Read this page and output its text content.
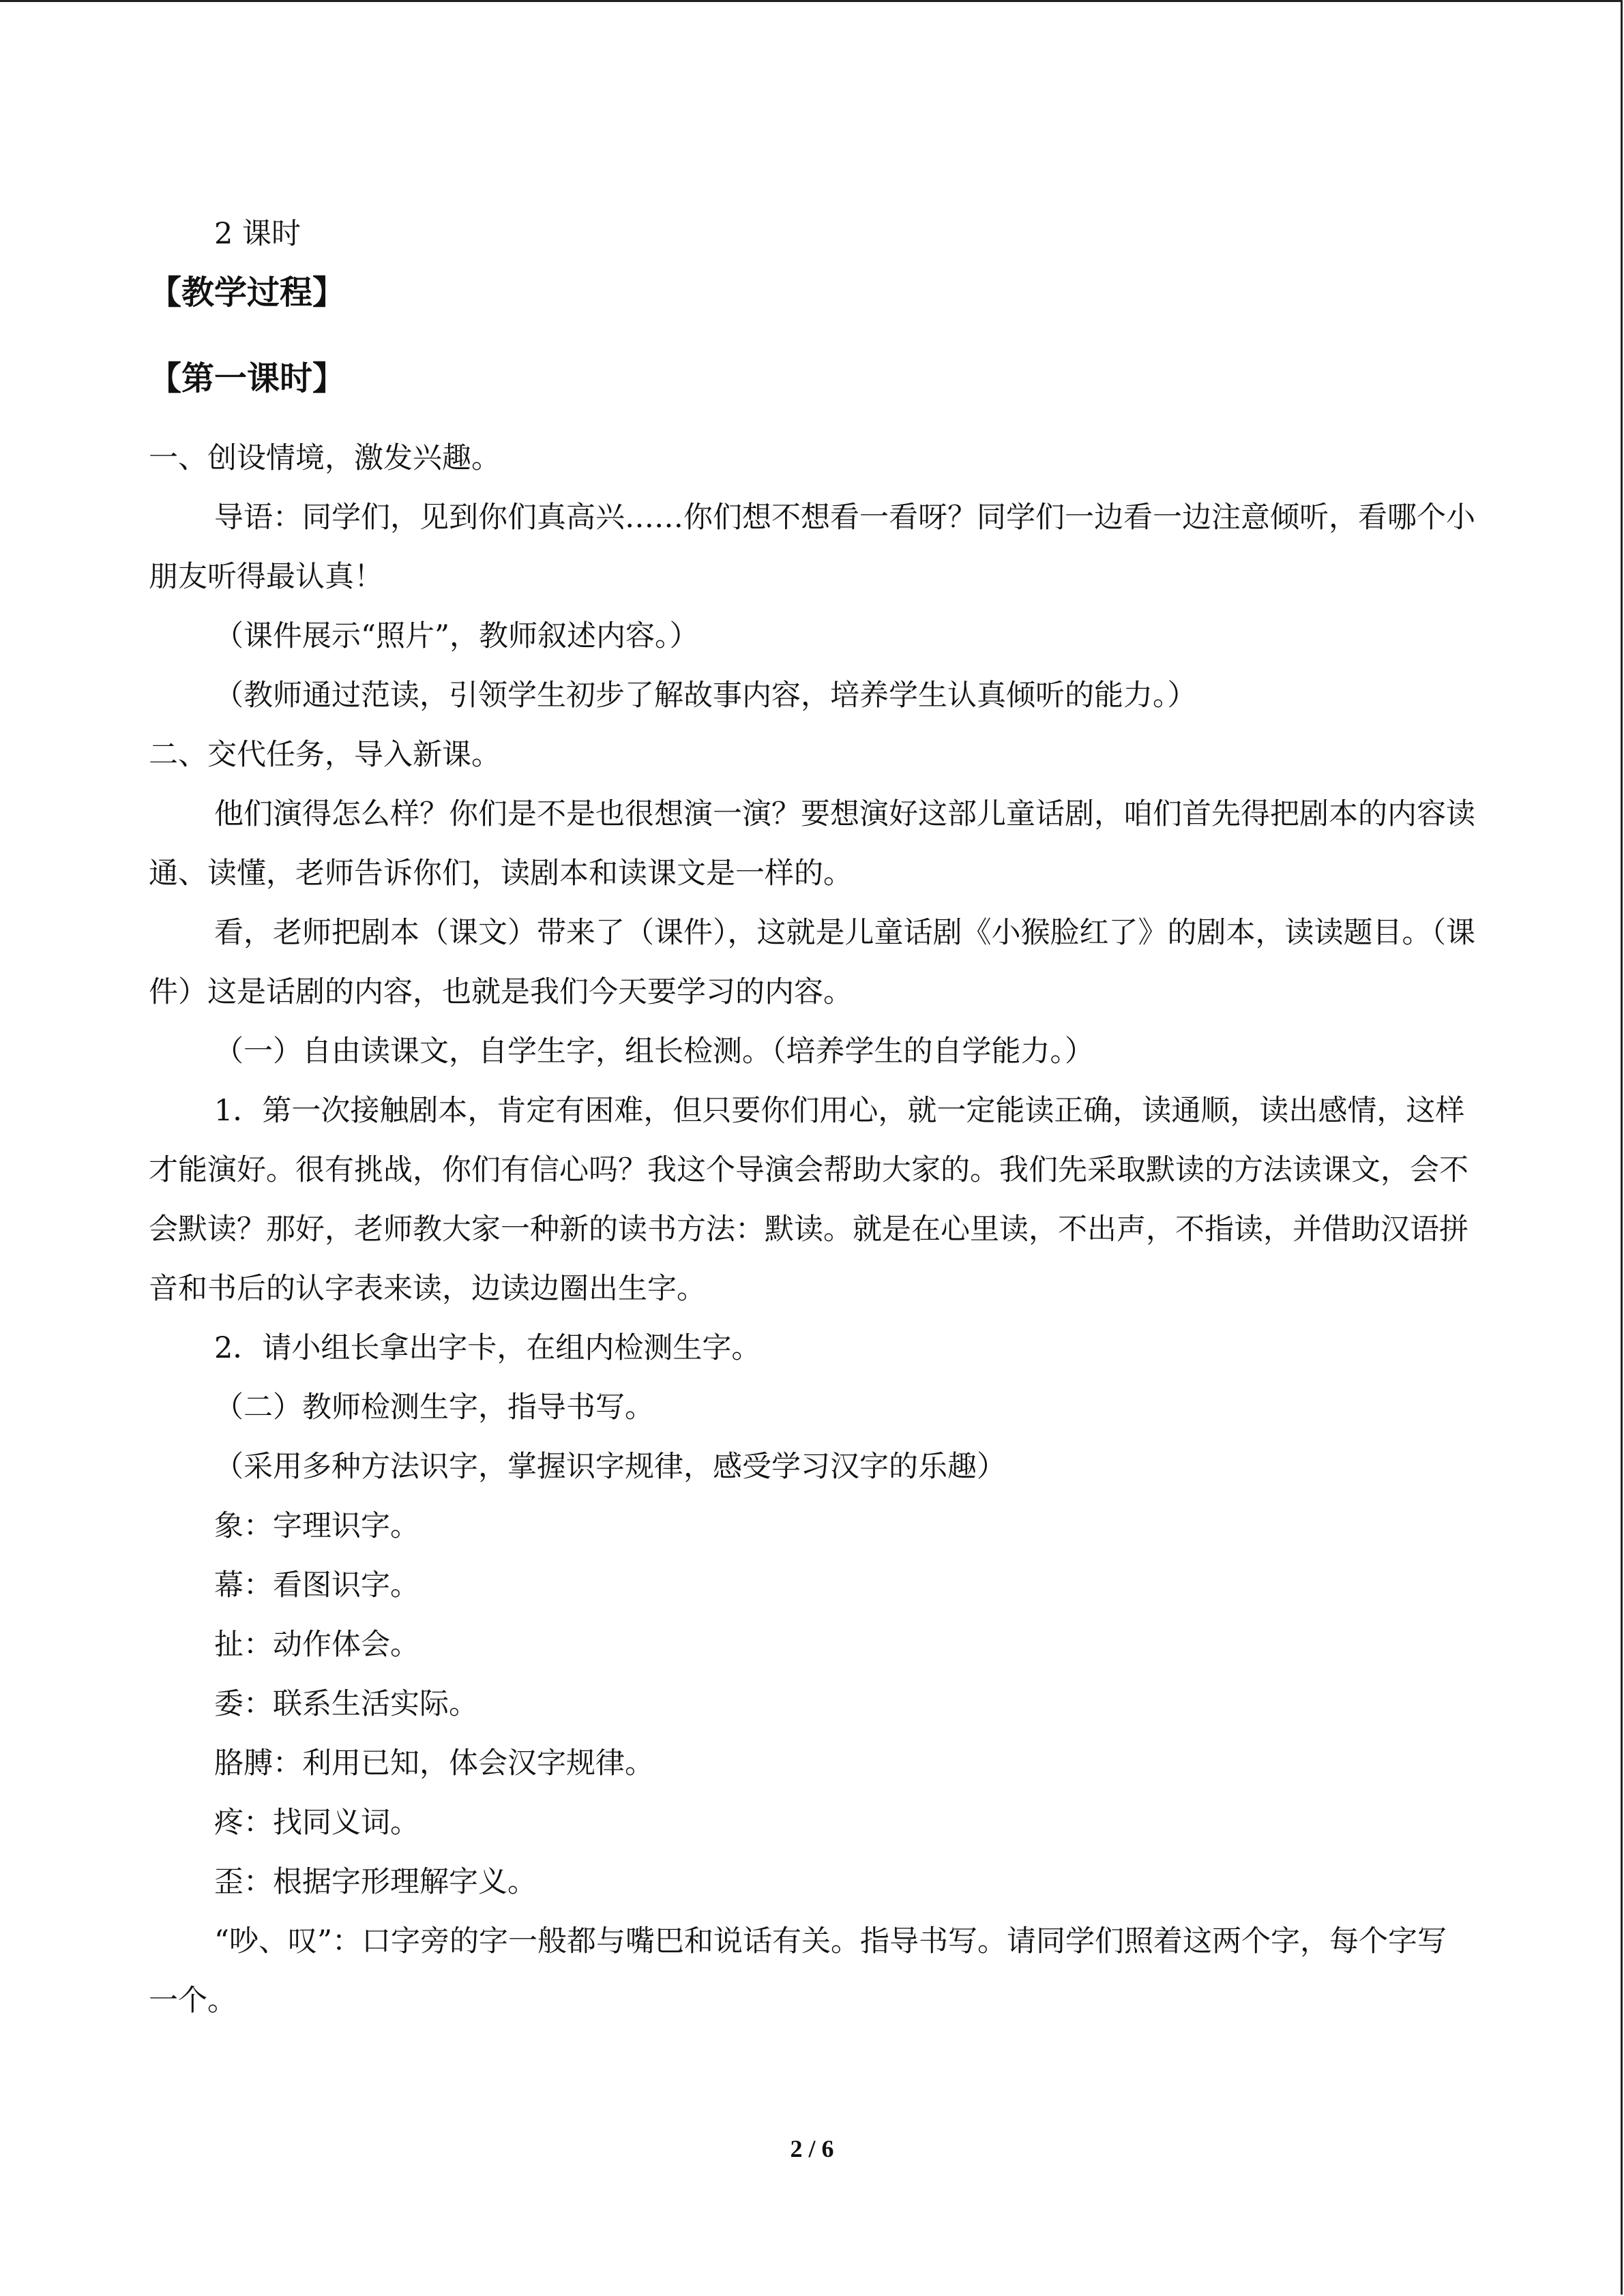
2 课时

【教学过程】

【第一课时】

一、创设情境，激发兴趣。

导语：同学们，见到你们真高兴……你们想不想看一看呀？同学们一边看一边注意倾听，看哪个小朋友听得最认真！

（课件展示“照片”，教师叙述内容。）

（教师通过范读，引领学生初步了解故事内容，培养学生认真倾听的能力。）

二、交代任务，导入新课。

他们演得怎么样？你们是不是也很想演一演？要想演好这部儿童话剧，咱们首先得把剧本的内容读通、读懂，老师告诉你们，读剧本和读课文是一样的。

看，老师把剧本（课文）带来了（课件），这就是儿童话剧《小猴脸红了》的剧本，读读题目。（课件）这是话剧的内容，也就是我们今天要学习的内容。

（一）自由读课文，自学生字，组长检测。（培养学生的自学能力。）

1．第一次接触剧本，肯定有困难，但只要你们用心，就一定能读正确，读通顺，读出感情，这样才能演好。很有挑战，你们有信心吗？我这个导演会帮助大家的。我们先采取默读的方法读课文，会不会默读？那好，老师教大家一种新的读书方法：默读。就是在心里读，不出声，不指读，并借助汉语拼音和书后的认字表来读，边读边圈出生字。

2．请小组长拿出字卡，在组内检测生字。

（二）教师检测生字，指导书写。

（采用多种方法识字，掌握识字规律，感受学习汉字的乐趣）

象：字理识字。

幕：看图识字。

扯：动作体会。

委：联系生活实际。

胳膊：利用已知，体会汉字规律。

疼：找同义词。

歪：根据字形理解字义。

“吵、叹”：口字旁的字一般都与嘴巴和说话有关。指导书写。请同学们照着这两个字，每个字写一个。

2 / 6
